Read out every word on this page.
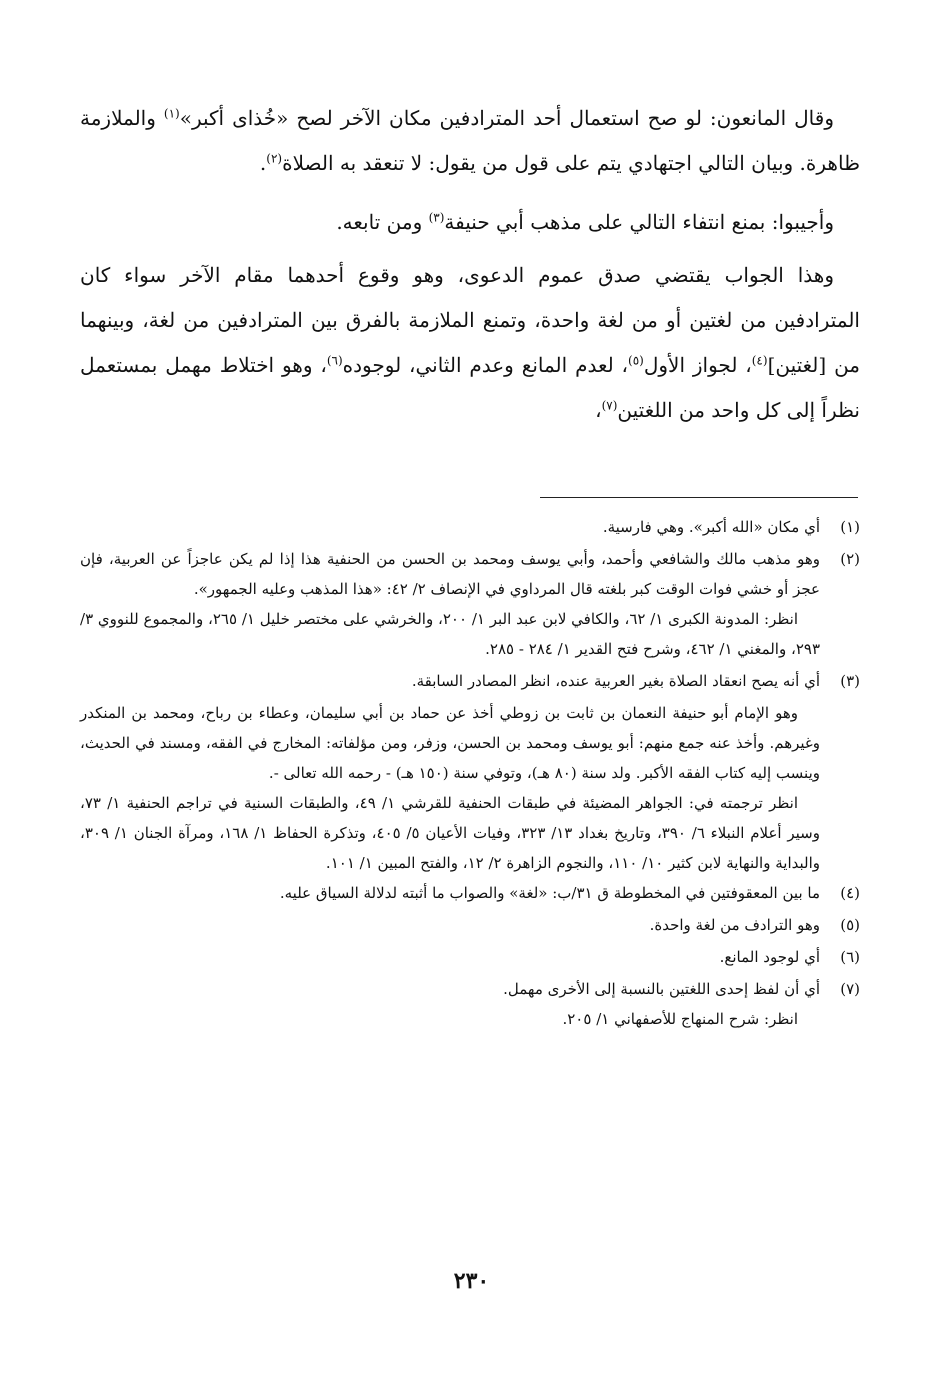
وقال المانعون: لو صح استعمال أحد المترادفين مكان الآخر لصح «خُذاى أكبر»$^{(١)}$ والملازمة ظاهرة. وبيان التالي اجتهادي يتم على قول من يقول: لا تنعقد به الصلاة$^{(٢)}$.

وأجيبوا: بمنع انتفاء التالي على مذهب أبي حنيفة$^{(٣)}$ ومن تابعه.

وهذا الجواب يقتضي صدق عموم الدعوى، وهو وقوع أحدهما مقام الآخر سواء كان المترادفين من لغتين أو من لغة واحدة، وتمنع الملازمة بالفرق بين المترادفين من لغة، وبينهما من [لغتين]$^{(٤)}$، لجواز الأول$^{(٥)}$، لعدم المانع وعدم الثاني، لوجوده$^{(٦)}$، وهو اختلاط مهمل بمستعمل نظراً إلى كل واحد من اللغتين$^{(٧)}$،

(١)

أي مكان «الله أكبر». وهي فارسية.

(٢)

وهو مذهب مالك والشافعي وأحمد، وأبي يوسف ومحمد بن الحسن من الحنفية هذا إذا لم يكن عاجزاً عن العربية، فإن عجز أو خشي فوات الوقت كبر بلغته قال المرداوي في الإنصاف ٢/ ٤٢: «هذا المذهب وعليه الجمهور».

انظر: المدونة الكبرى ١/ ٦٢، والكافي لابن عبد البر ١/ ٢٠٠، والخرشي على مختصر خليل ١/ ٢٦٥، والمجموع للنووي ٣/ ٢٩٣، والمغني ١/ ٤٦٢، وشرح فتح القدير ١/ ٢٨٤ - ٢٨٥.

(٣)

أي أنه يصح انعقاد الصلاة بغير العربية عنده، انظر المصادر السابقة.

وهو الإمام أبو حنيفة النعمان بن ثابت بن زوطي أخذ عن حماد بن أبي سليمان، وعطاء بن رباح، ومحمد بن المنكدر وغيرهم. وأخذ عنه جمع منهم: أبو يوسف ومحمد بن الحسن، وزفر، ومن مؤلفاته: المخارج في الفقه، ومسند في الحديث، وينسب إليه كتاب الفقه الأكبر. ولد سنة (٨٠ هـ)، وتوفي سنة (١٥٠ هـ) - رحمه الله تعالى -.

انظر ترجمته في: الجواهر المضيئة في طبقات الحنفية للقرشي ١/ ٤٩، والطبقات السنية في تراجم الحنفية ١/ ٧٣، وسير أعلام النبلاء ٦/ ٣٩٠، وتاريخ بغداد ١٣/ ٣٢٣، وفيات الأعيان ٥/ ٤٠٥، وتذكرة الحفاظ ١/ ١٦٨، ومرآة الجنان ١/ ٣٠٩، والبداية والنهاية لابن كثير ١٠/ ١١٠، والنجوم الزاهرة ٢/ ١٢، والفتح المبين ١/ ١٠١.

(٤)

ما بين المعقوفتين في المخطوطة ق ٣١/ب: «لغة» والصواب ما أثبته لدلالة السياق عليه.

(٥)

وهو الترادف من لغة واحدة.

(٦)

أي لوجود المانع.

(٧)

أي أن لفظ إحدى اللغتين بالنسبة إلى الأخرى مهمل.

انظر: شرح المنهاج للأصفهاني ١/ ٢٠٥.

٢٣٠
